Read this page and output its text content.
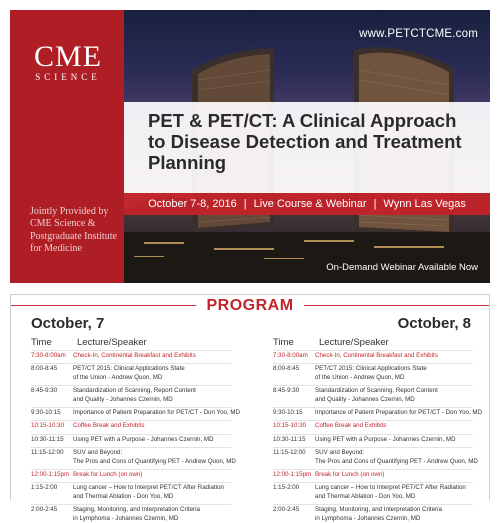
CME
SCIENCE
Jointly Provided by CME Science & Postgraduate Institute for Medicine
www.PETCTCME.com
PET & PET/CT: A Clinical Approach to Disease Detection and Treatment Planning
October 7-8, 2016 | Live Course & Webinar | Wynn Las Vegas
On-Demand Webinar Available Now
PROGRAM
October, 7	October, 8
Time	Lecture/Speaker	Time	Lecture/Speaker
7:30-8:00am Check-In, Continental Breakfast and Exhibits
8:00-8:45	PET/CT 2015: Clinical Applications State
of the Union - Andrew Quon, MD
8:45-9:30	Standardization of Scanning, Report Content
and Quality - Johannes Czernin, MD
9:30-10:15 Importance of Patient Preparation for PET/CT - Don Yoo, MD
10:15-10:30 Coffee Break and Exhibits
10:30-11:15 Using PET with a Purpose - Johannes Czernin, MD
11:15-12:00 SUV and Beyond:
The Pros and Cons of Quantifying PET - Andrew Quon, MD
12:00-1:15pm Break for Lunch (on own)
1:15-2:00	Lung cancer – How to Interpret PET/CT After Radiation
and Thermal Ablation - Don Yoo, MD
2:00-2:45	Staging, Monitoring, and Interpretation Criteria
in Lymphoma - Johannes Czernin, MD
7:30-8:00am Check-In, Continental Breakfast and Exhibits
8:00-8:45	PET/CT 2015: Clinical Applications State
of the Union - Andrew Quon, MD
8:45-9:30	Standardization of Scanning, Report Content
and Quality - Johannes Czernin, MD
9:30-10:15 Importance of Patient Preparation for PET/CT - Don Yoo, MD
10:15-10:30 Coffee Break and Exhibits
10:30-11:15 Using PET with a Purpose - Johannes Czernin, MD
11:15-12:00 SUV and Beyond:
The Pros and Cons of Quantifying PET - Andrew Quon, MD
12:00-1:15pm Break for Lunch (on own)
1:15-2:00	Lung cancer – How to Interpret PET/CT After Radiation
and Thermal Ablation - Don Yoo, MD
2:00-2:45	Staging, Monitoring, and Interpretation Criteria
in Lymphoma - Johannes Czernin, MD
